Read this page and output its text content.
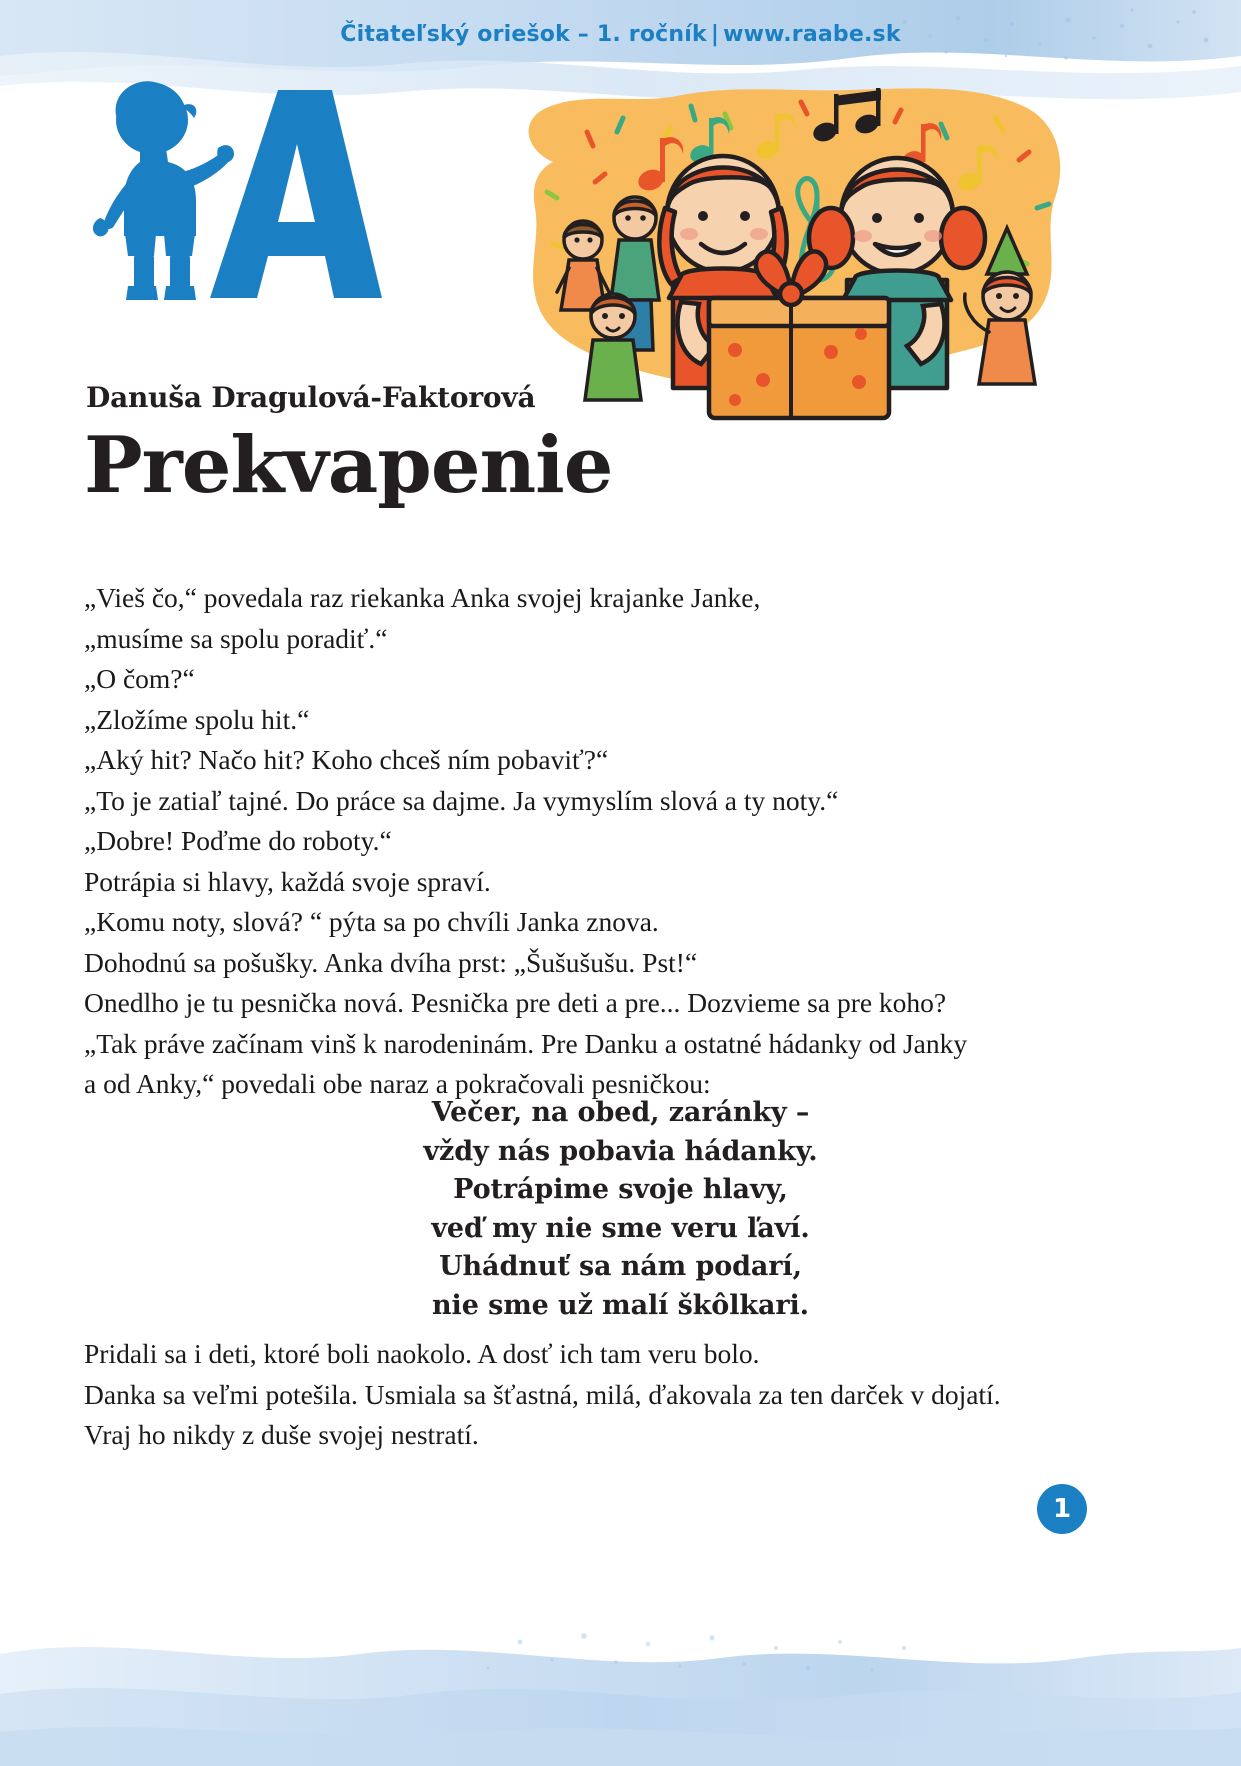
Čitateľský oriešok – 1. ročník | www.raabe.sk
Danuša Dragulová-Faktorová
Prekvapenie

„Vieš čo,“ povedala raz riekanka Anka svojej krajanke Janke,

„musíme sa spolu poradiť.“

„O čom?“

„Zložíme spolu hit.“

„Aký hit? Načo hit? Koho chceš ním pobaviť?“

„To je zatiaľ tajné. Do práce sa dajme. Ja vymyslím slová a ty noty.“

„Dobre! Poďme do roboty.“

Potrápia si hlavy, každá svoje spraví.

„Komu noty, slová? “ pýta sa po chvíli Janka znova.

Dohodnú sa pošušky. Anka dvíha prst: „Šušušušu. Pst!“

Onedlho je tu pesnička nová. Pesnička pre deti a pre... Dozvieme sa pre koho?

„Tak práve začínam vinš k narodeninám. Pre Danku a ostatné hádanky od Janky

a od Anky,“ povedali obe naraz a pokračovali pesničkou:

Večer, na obed, zaránky –
vždy nás pobavia hádanky.
Potrápime svoje hlavy,
veď my nie sme veru ľaví.
Uhádnuť sa nám podarí,
nie sme už malí škôlkari.

Pridali sa i deti, ktoré boli naokolo. A dosť ich tam veru bolo.

Danka sa veľmi potešila. Usmiala sa šťastná, milá, ďakovala za ten darček v dojatí.

Vraj ho nikdy z duše svojej nestratí.

1
